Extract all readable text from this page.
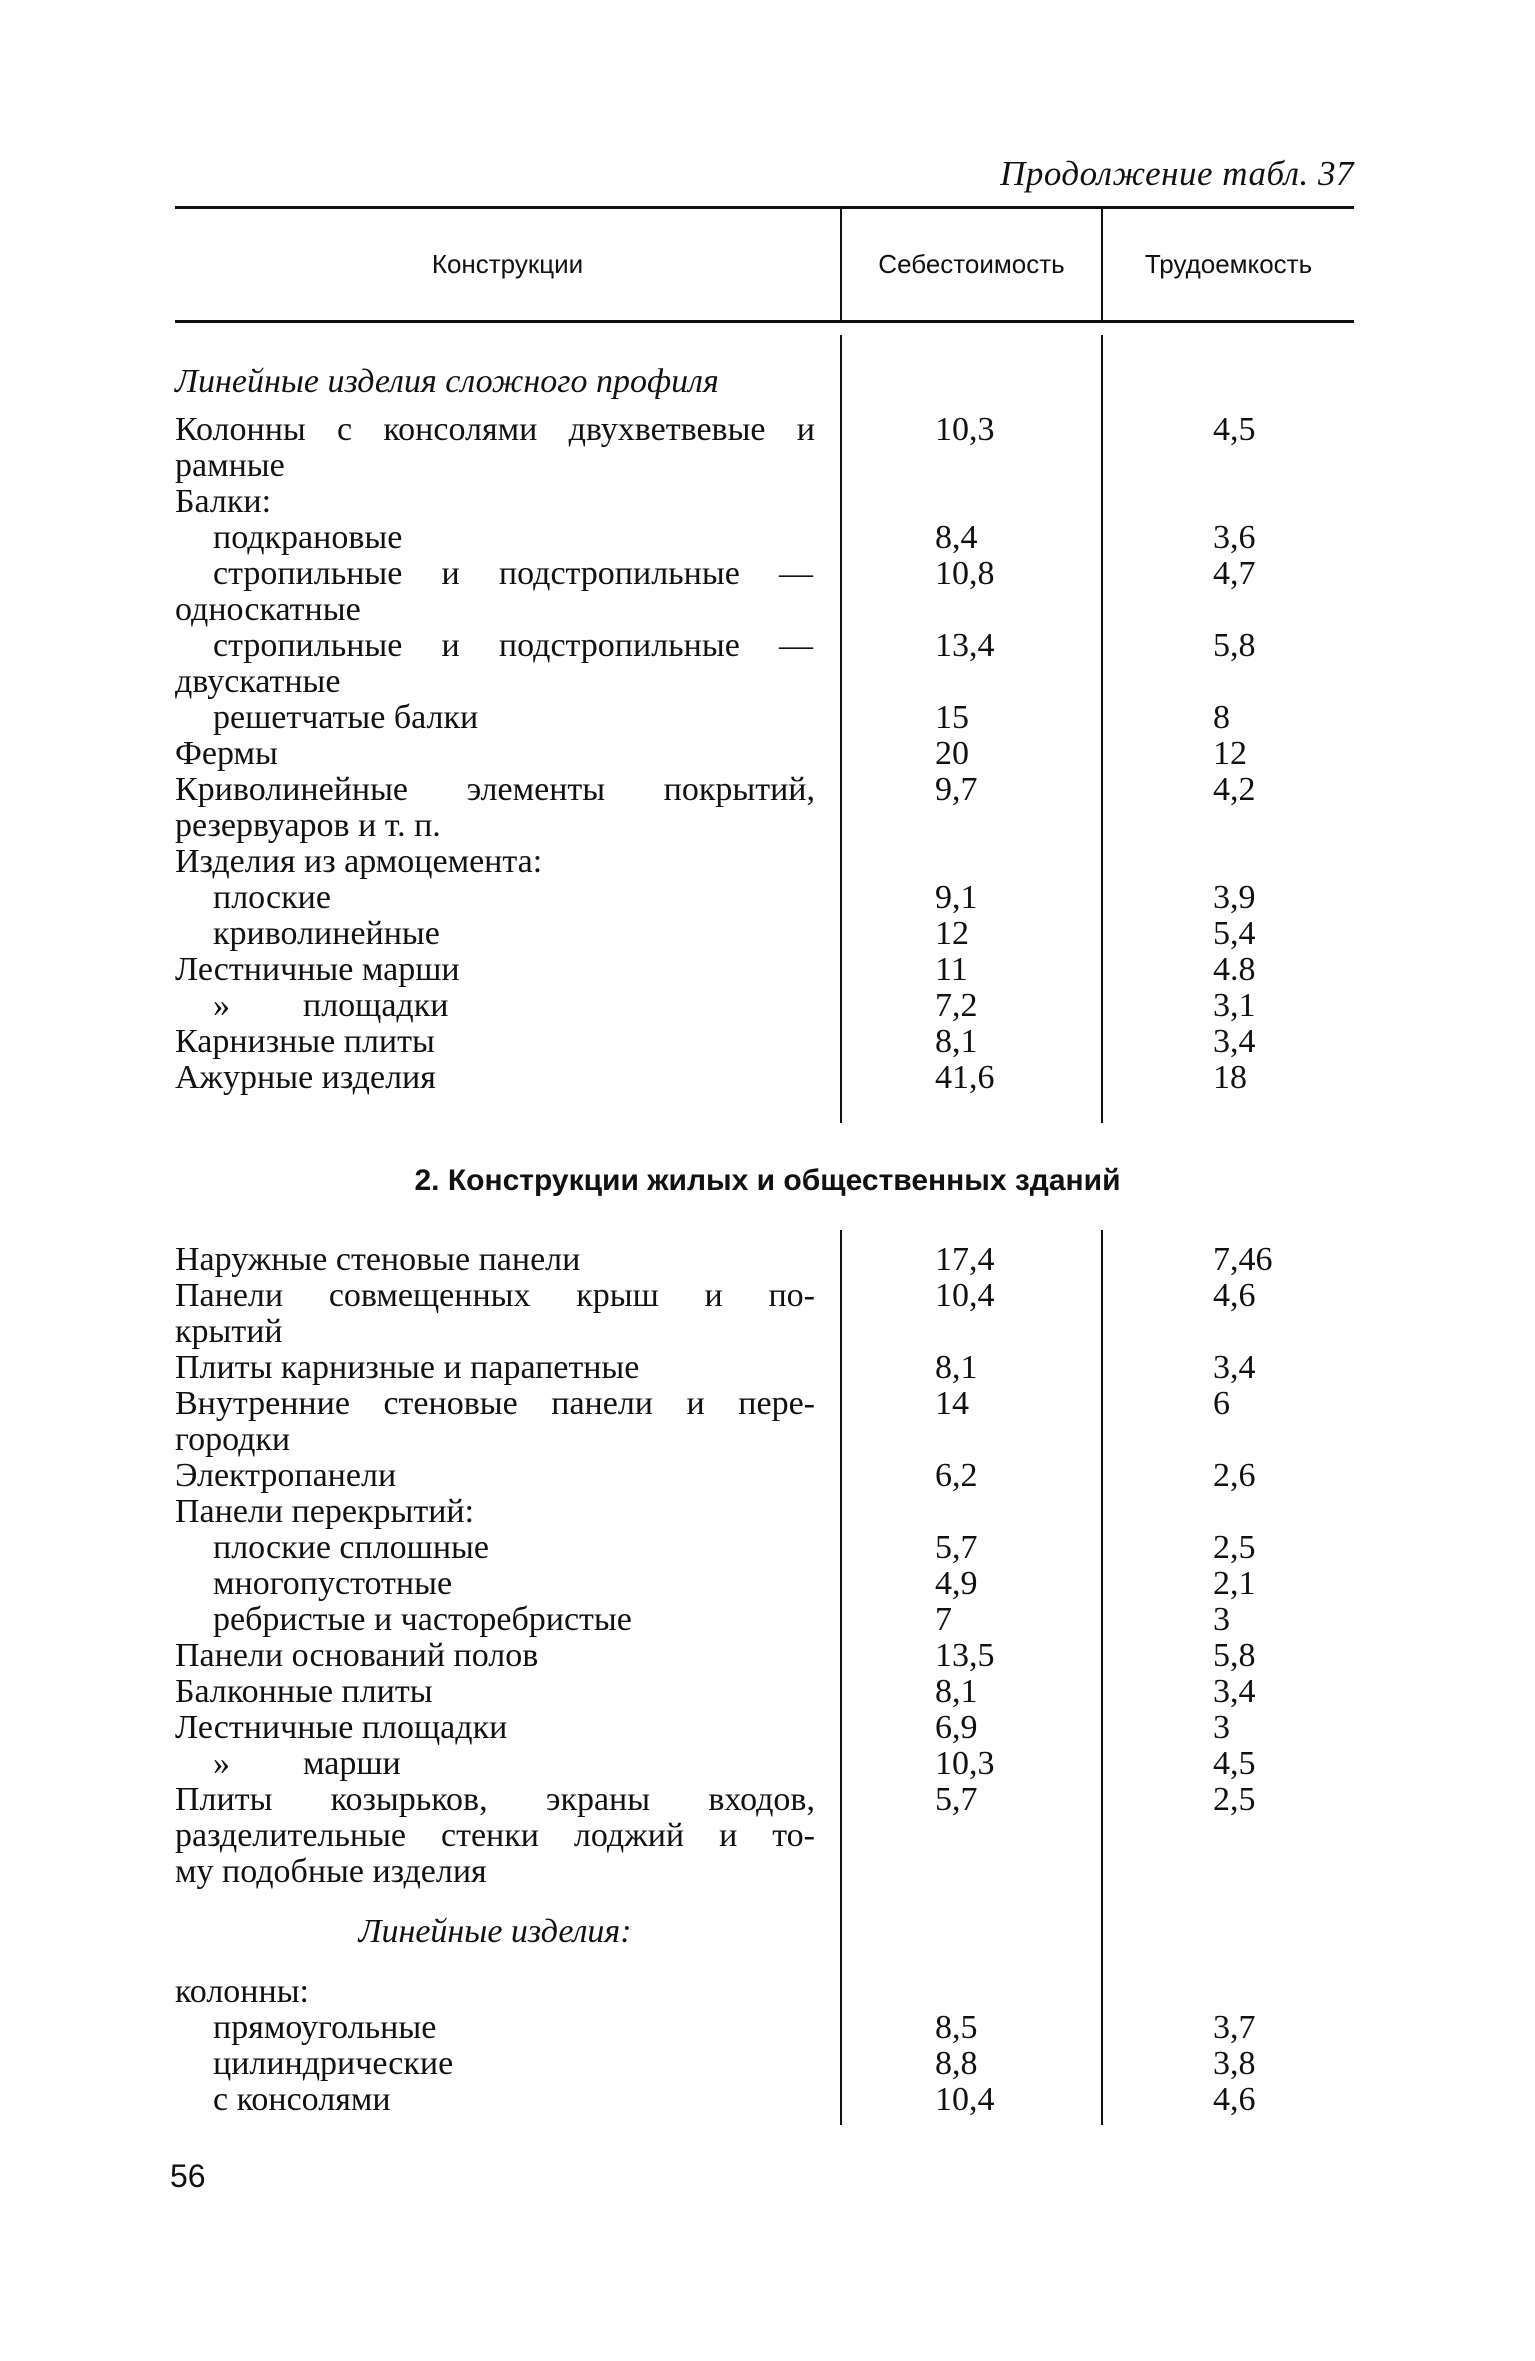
Продолжение табл. 37
Конструкции	Себестоимость	Трудоемкость
2. Конструкции жилых и общественных зданий
Линейные изделия сложного профиля
Колонны с консолями двухветвевые и	10,3	4,5
рамные
Балки:
подкрановые	8,4	3,6
стропильные и подстропильные —	10,8	4,7
односкатные
стропильные и подстропильные —	13,4	5,8
двускатные
решетчатые балки	15	8
Фермы	20	12
Криволинейные элементы покрытий,	9,7	4,2
резервуаров и т. п.
Изделия из армоцемента:
плоские	9,1	3,9
криволинейные	12	5,4
Лестничные марши	11	4.8
» площадки	7,2	3,1
Карнизные плиты	8,1	3,4
Ажурные изделия	41,6	18
Наружные стеновые панели	17,4	7,46
Панели совмещенных крыш и по-	10,4	4,6
крытий
Плиты карнизные и парапетные	8,1	3,4
Внутренние стеновые панели и пере-	14	6
городки
Электропанели	6,2	2,6
Панели перекрытий:
плоские сплошные	5,7	2,5
многопустотные	4,9	2,1
ребристые и часторебристые	7	3
Панели оснований полов	13,5	5,8
Балконные плиты	8,1	3,4
Лестничные площадки	6,9	3
» марши	10,3	4,5
Плиты козырьков, экраны входов,	5,7	2,5
разделительные стенки лоджий и то-
му подобные изделия
Линейные изделия:
колонны:
прямоугольные	8,5	3,7
цилиндрические	8,8	3,8
с консолями	10,4	4,6
56
